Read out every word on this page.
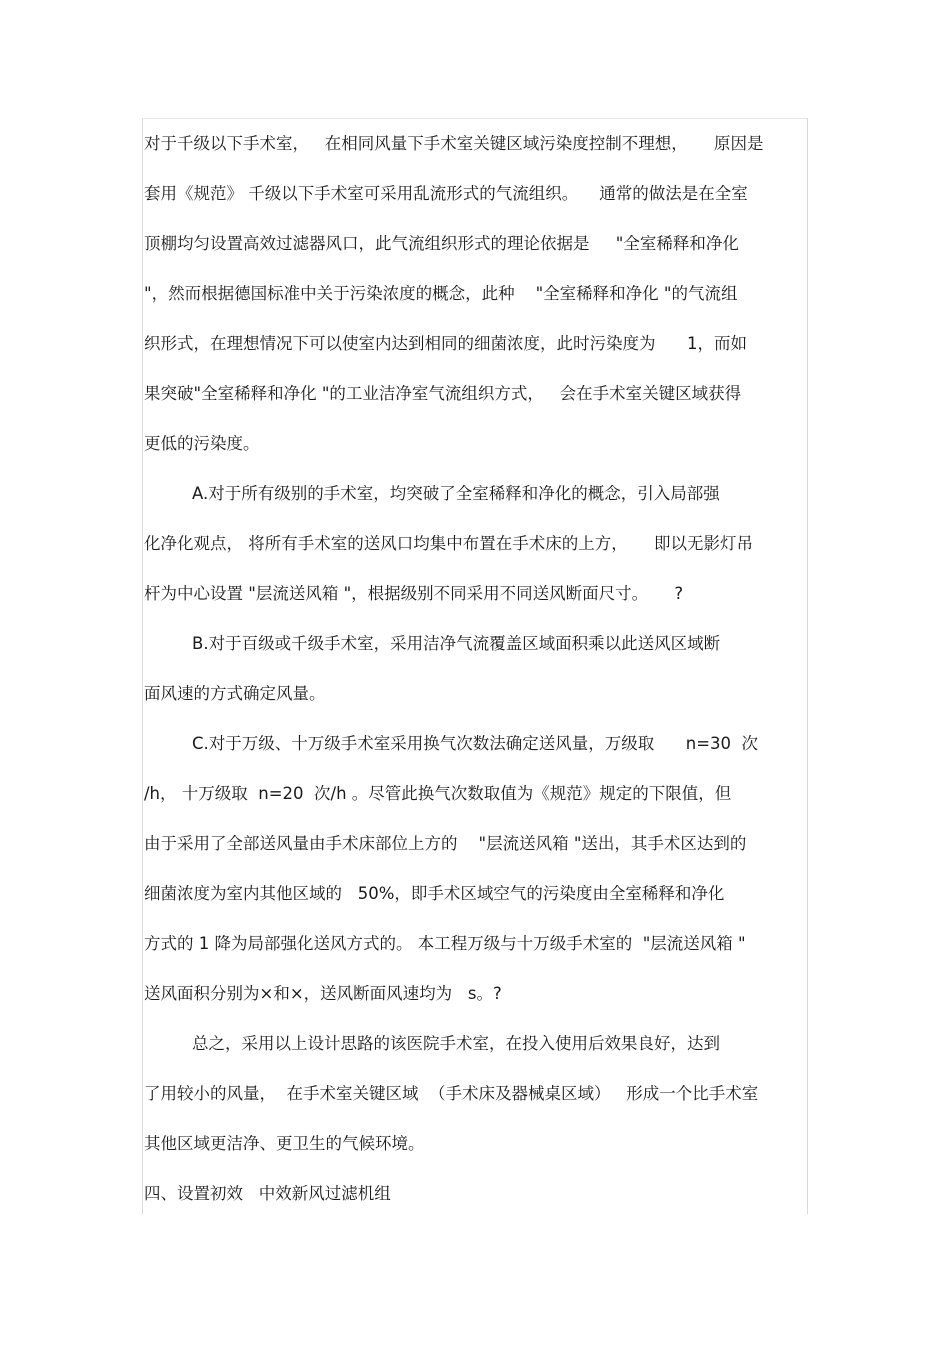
对于千级以下手术室，   在相同风量下手术室关键区域污染度控制不理想，     原因是
套用《规范》 千级以下手术室可采用乱流形式的气流组织。    通常的做法是在全室
顶棚均匀设置高效过滤器风口，此气流组织形式的理论依据是     "全室稀释和净化
"，然而根据德国标准中关于污染浓度的概念，此种    "全室稀释和净化 "的气流组
织形式，在理想情况下可以使室内达到相同的细菌浓度，此时污染度为      1，而如
果突破"全室稀释和净化 "的工业洁净室气流组织方式，   会在手术室关键区域获得
更低的污染度。
A.对于所有级别的手术室，均突破了全室稀释和净化的概念，引入局部强
化净化观点， 将所有手术室的送风口均集中布置在手术床的上方，     即以无影灯吊
杆为中心设置 "层流送风箱 "，根据级别不同采用不同送风断面尺寸。     ?
B.对于百级或千级手术室，采用洁净气流覆盖区域面积乘以此送风区域断
面风速的方式确定风量。
C.对于万级、十万级手术室采用换气次数法确定送风量，万级取      n=30  次
/h， 十万级取  n=20  次/h 。尽管此换气次数取值为《规范》规定的下限值，但
由于采用了全部送风量由手术床部位上方的    "层流送风箱 "送出，其手术区达到的
细菌浓度为室内其他区域的   50%，即手术区域空气的污染度由全室稀释和净化
方式的 1 降为局部强化送风方式的。 本工程万级与十万级手术室的  "层流送风箱 "
送风面积分别为×和×，送风断面风速均为   s。?
总之，采用以上设计思路的该医院手术室，在投入使用后效果良好，达到
了用较小的风量，  在手术室关键区域  （手术床及器械桌区域）   形成一个比手术室
其他区域更洁净、更卫生的气候环境。
四、设置初效   中效新风过滤机组
